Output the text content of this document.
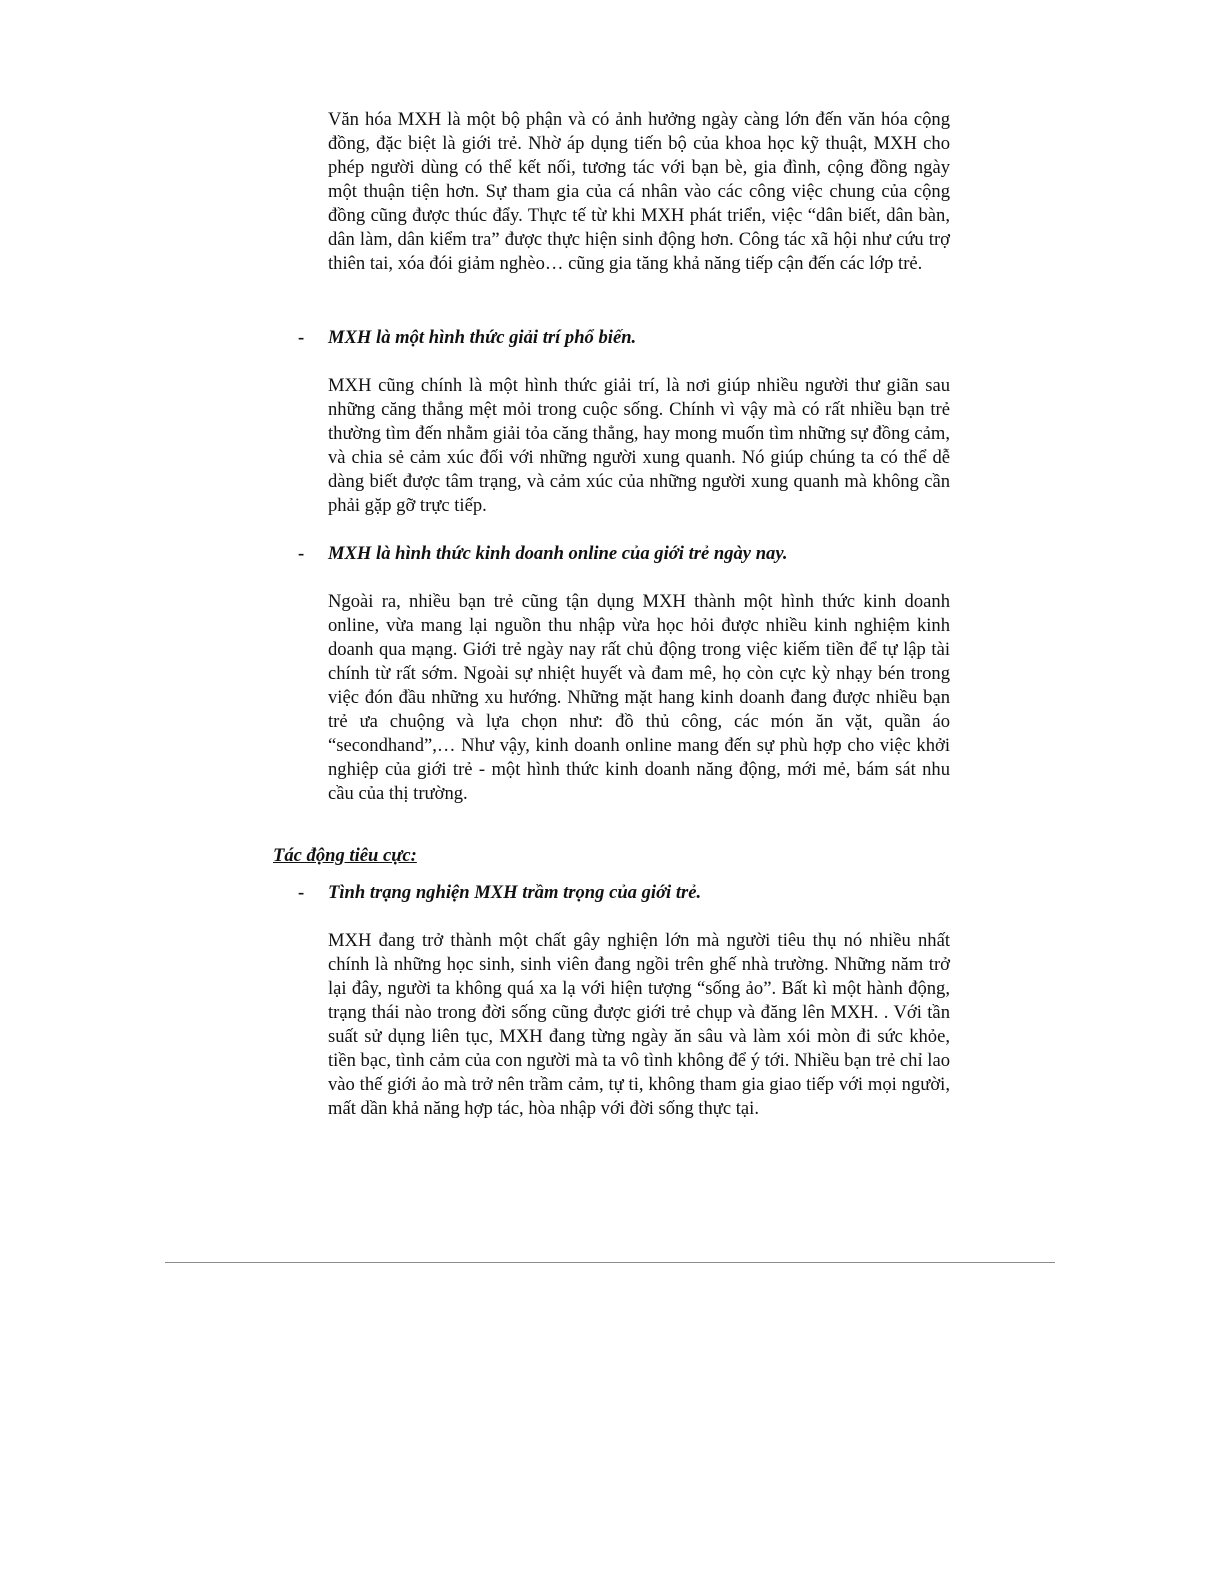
Văn hóa MXH là một bộ phận và có ảnh hưởng ngày càng lớn đến văn hóa cộng đồng, đặc biệt là giới trẻ. Nhờ áp dụng tiến bộ của khoa học kỹ thuật, MXH cho phép người dùng có thể kết nối, tương tác với bạn bè, gia đình, cộng đồng ngày một thuận tiện hơn. Sự tham gia của cá nhân vào các công việc chung của cộng đồng cũng được thúc đẩy. Thực tế từ khi MXH phát triển, việc “dân biết, dân bàn, dân làm, dân kiểm tra” được thực hiện sinh động hơn. Công tác xã hội như cứu trợ thiên tai, xóa đói giảm nghèo… cũng gia tăng khả năng tiếp cận đến các lớp trẻ.

- MXH là một hình thức giải trí phổ biến.

MXH cũng chính là một hình thức giải trí, là nơi giúp nhiều người thư giãn sau những căng thẳng mệt mỏi trong cuộc sống. Chính vì vậy mà có rất nhiều bạn trẻ thường tìm đến nhằm giải tỏa căng thẳng, hay mong muốn tìm những sự đồng cảm, và chia sẻ cảm xúc đối với những người xung quanh. Nó giúp chúng ta có thể dễ dàng biết được tâm trạng, và cảm xúc của những người xung quanh mà không cần phải gặp gỡ trực tiếp.

- MXH là hình thức kinh doanh online của giới trẻ ngày nay.

Ngoài ra, nhiều bạn trẻ cũng tận dụng MXH thành một hình thức kinh doanh online, vừa mang lại nguồn thu nhập vừa học hỏi được nhiều kinh nghiệm kinh doanh qua mạng. Giới trẻ ngày nay rất chủ động trong việc kiếm tiền để tự lập tài chính từ rất sớm. Ngoài sự nhiệt huyết và đam mê, họ còn cực kỳ nhạy bén trong việc đón đầu những xu hướng. Những mặt hang kinh doanh đang được nhiều bạn trẻ ưa chuộng và lựa chọn như: đồ thủ công, các món ăn vặt, quần áo “secondhand”,… Như vậy, kinh doanh online mang đến sự phù hợp cho việc khởi nghiệp của giới trẻ - một hình thức kinh doanh năng động, mới mẻ, bám sát nhu cầu của thị trường.

Tác động tiêu cực:

- Tình trạng nghiện MXH trầm trọng của giới trẻ.

MXH đang trở thành một chất gây nghiện lớn mà người tiêu thụ nó nhiều nhất chính là những học sinh, sinh viên đang ngồi trên ghế nhà trường. Những năm trở lại đây, người ta không quá xa lạ với hiện tượng “sống ảo”. Bất kì một hành động, trạng thái nào trong đời sống cũng được giới trẻ chụp và đăng lên MXH. . Với tần suất sử dụng liên tục, MXH đang từng ngày ăn sâu và làm xói mòn đi sức khỏe, tiền bạc, tình cảm của con người mà ta vô tình không để ý tới. Nhiều bạn trẻ chỉ lao vào thế giới ảo mà trở nên trầm cảm, tự ti, không tham gia giao tiếp với mọi người, mất dần khả năng hợp tác, hòa nhập với đời sống thực tại.
